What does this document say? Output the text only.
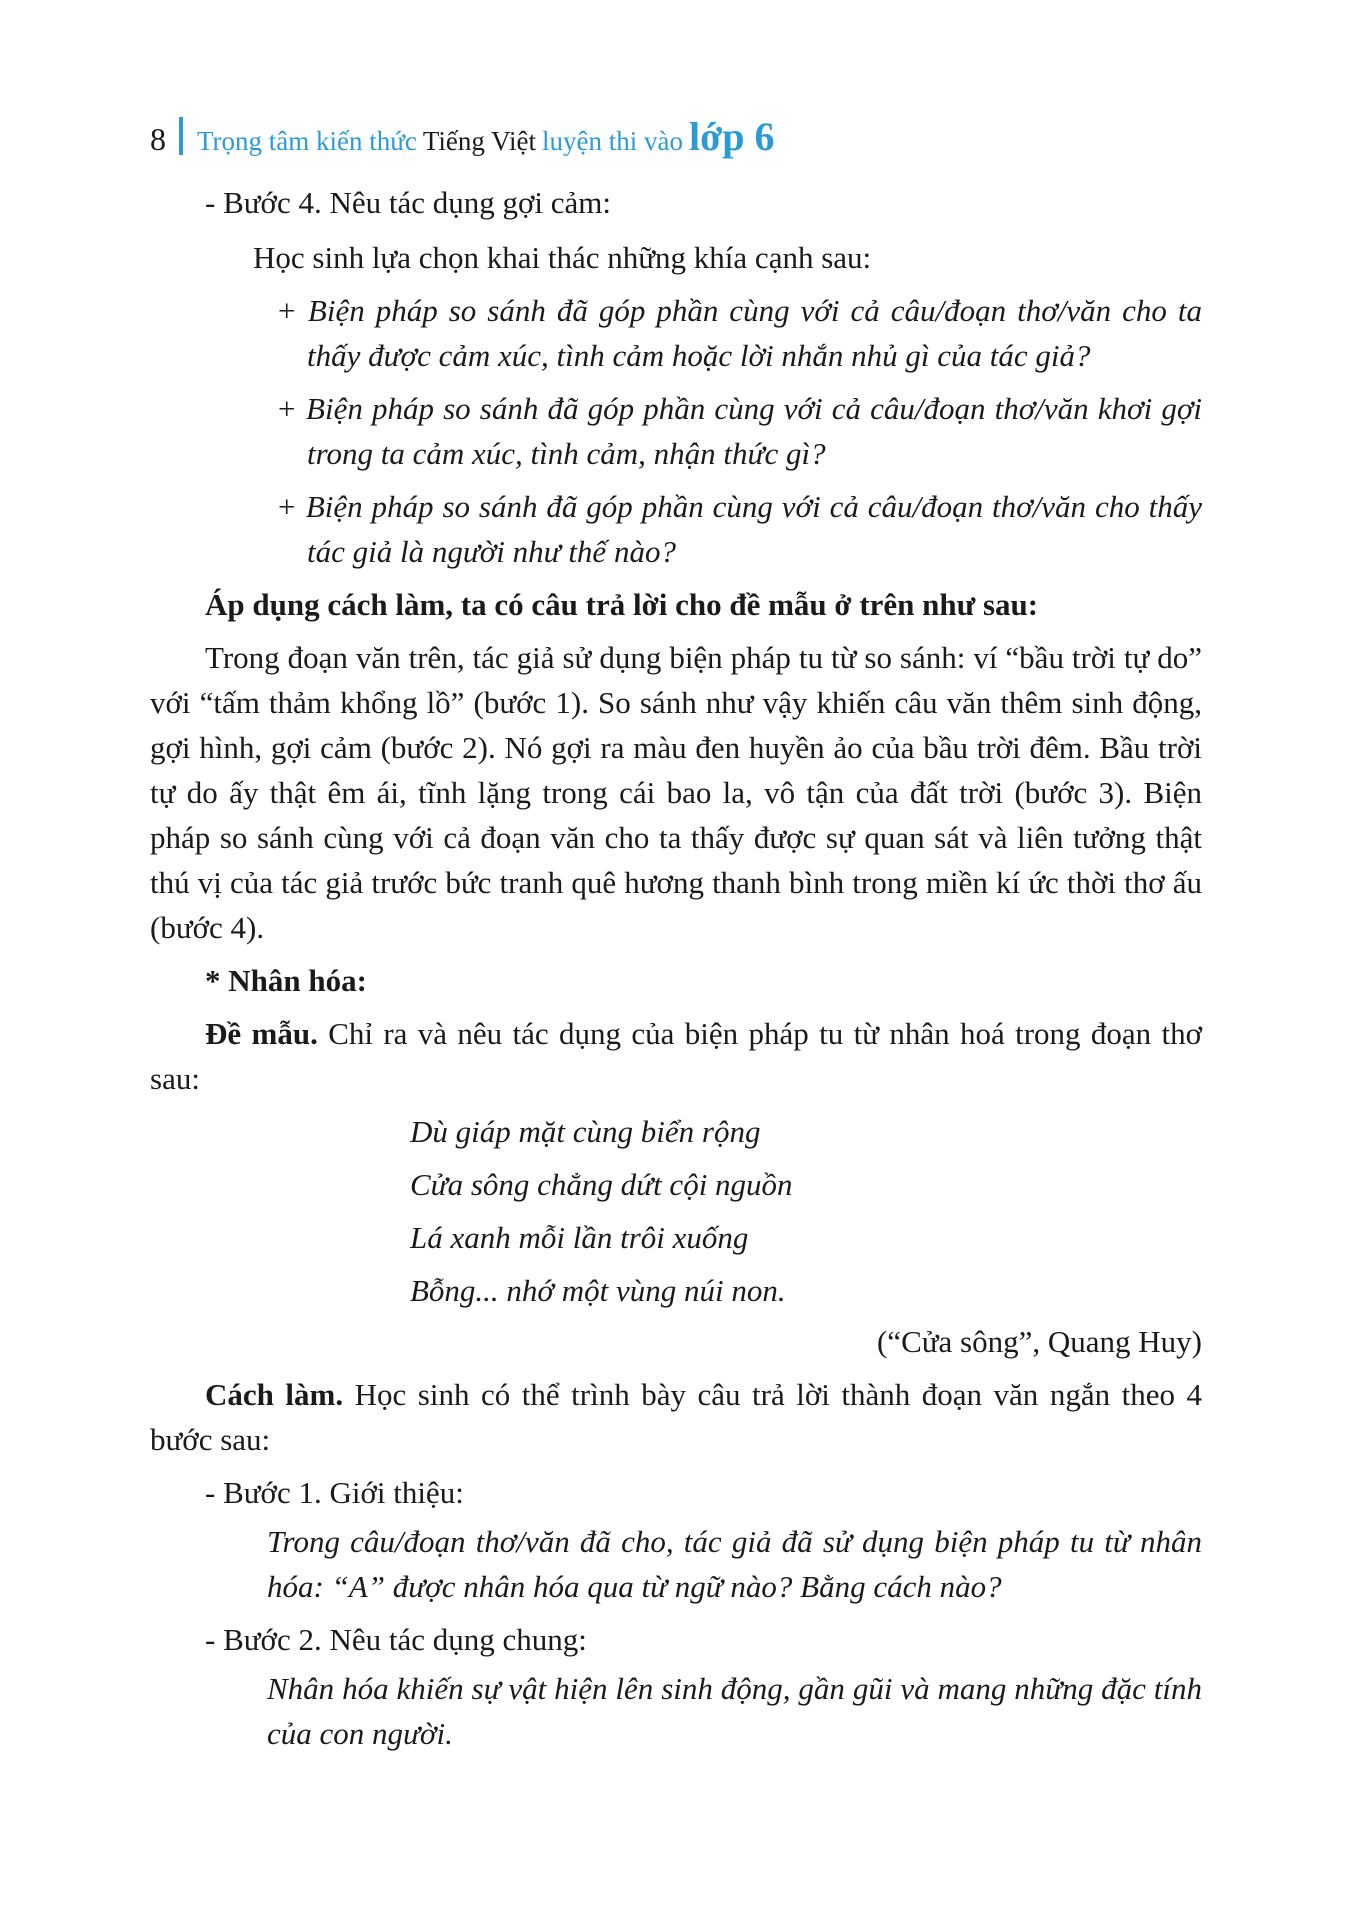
8 Trọng tâm kiến thức Tiếng Việt luyện thi vào lớp 6

- Bước 4. Nêu tác dụng gợi cảm:

Học sinh lựa chọn khai thác những khía cạnh sau:

+ Biện pháp so sánh đã góp phần cùng với cả câu/đoạn thơ/văn cho ta thấy được cảm xúc, tình cảm hoặc lời nhắn nhủ gì của tác giả?

+ Biện pháp so sánh đã góp phần cùng với cả câu/đoạn thơ/văn khơi gợi trong ta cảm xúc, tình cảm, nhận thức gì?

+ Biện pháp so sánh đã góp phần cùng với cả câu/đoạn thơ/văn cho thấy tác giả là người như thế nào?

Áp dụng cách làm, ta có câu trả lời cho đề mẫu ở trên như sau:

Trong đoạn văn trên, tác giả sử dụng biện pháp tu từ so sánh: ví “bầu trời tự do” với “tấm thảm khổng lồ” (bước 1). So sánh như vậy khiến câu văn thêm sinh động, gợi hình, gợi cảm (bước 2). Nó gợi ra màu đen huyền ảo của bầu trời đêm. Bầu trời tự do ấy thật êm ái, tĩnh lặng trong cái bao la, vô tận của đất trời (bước 3). Biện pháp so sánh cùng với cả đoạn văn cho ta thấy được sự quan sát và liên tưởng thật thú vị của tác giả trước bức tranh quê hương thanh bình trong miền kí ức thời thơ ấu (bước 4).

* Nhân hóa:

Đề mẫu. Chỉ ra và nêu tác dụng của biện pháp tu từ nhân hoá trong đoạn thơ sau:

Dù giáp mặt cùng biển rộng
Cửa sông chẳng dứt cội nguồn
Lá xanh mỗi lần trôi xuống
Bỗng... nhớ một vùng núi non.

(“Cửa sông”, Quang Huy)

Cách làm. Học sinh có thể trình bày câu trả lời thành đoạn văn ngắn theo 4 bước sau:

- Bước 1. Giới thiệu:

Trong câu/đoạn thơ/văn đã cho, tác giả đã sử dụng biện pháp tu từ nhân hóa: “A” được nhân hóa qua từ ngữ nào? Bằng cách nào?

- Bước 2. Nêu tác dụng chung:

Nhân hóa khiến sự vật hiện lên sinh động, gần gũi và mang những đặc tính của con người.
